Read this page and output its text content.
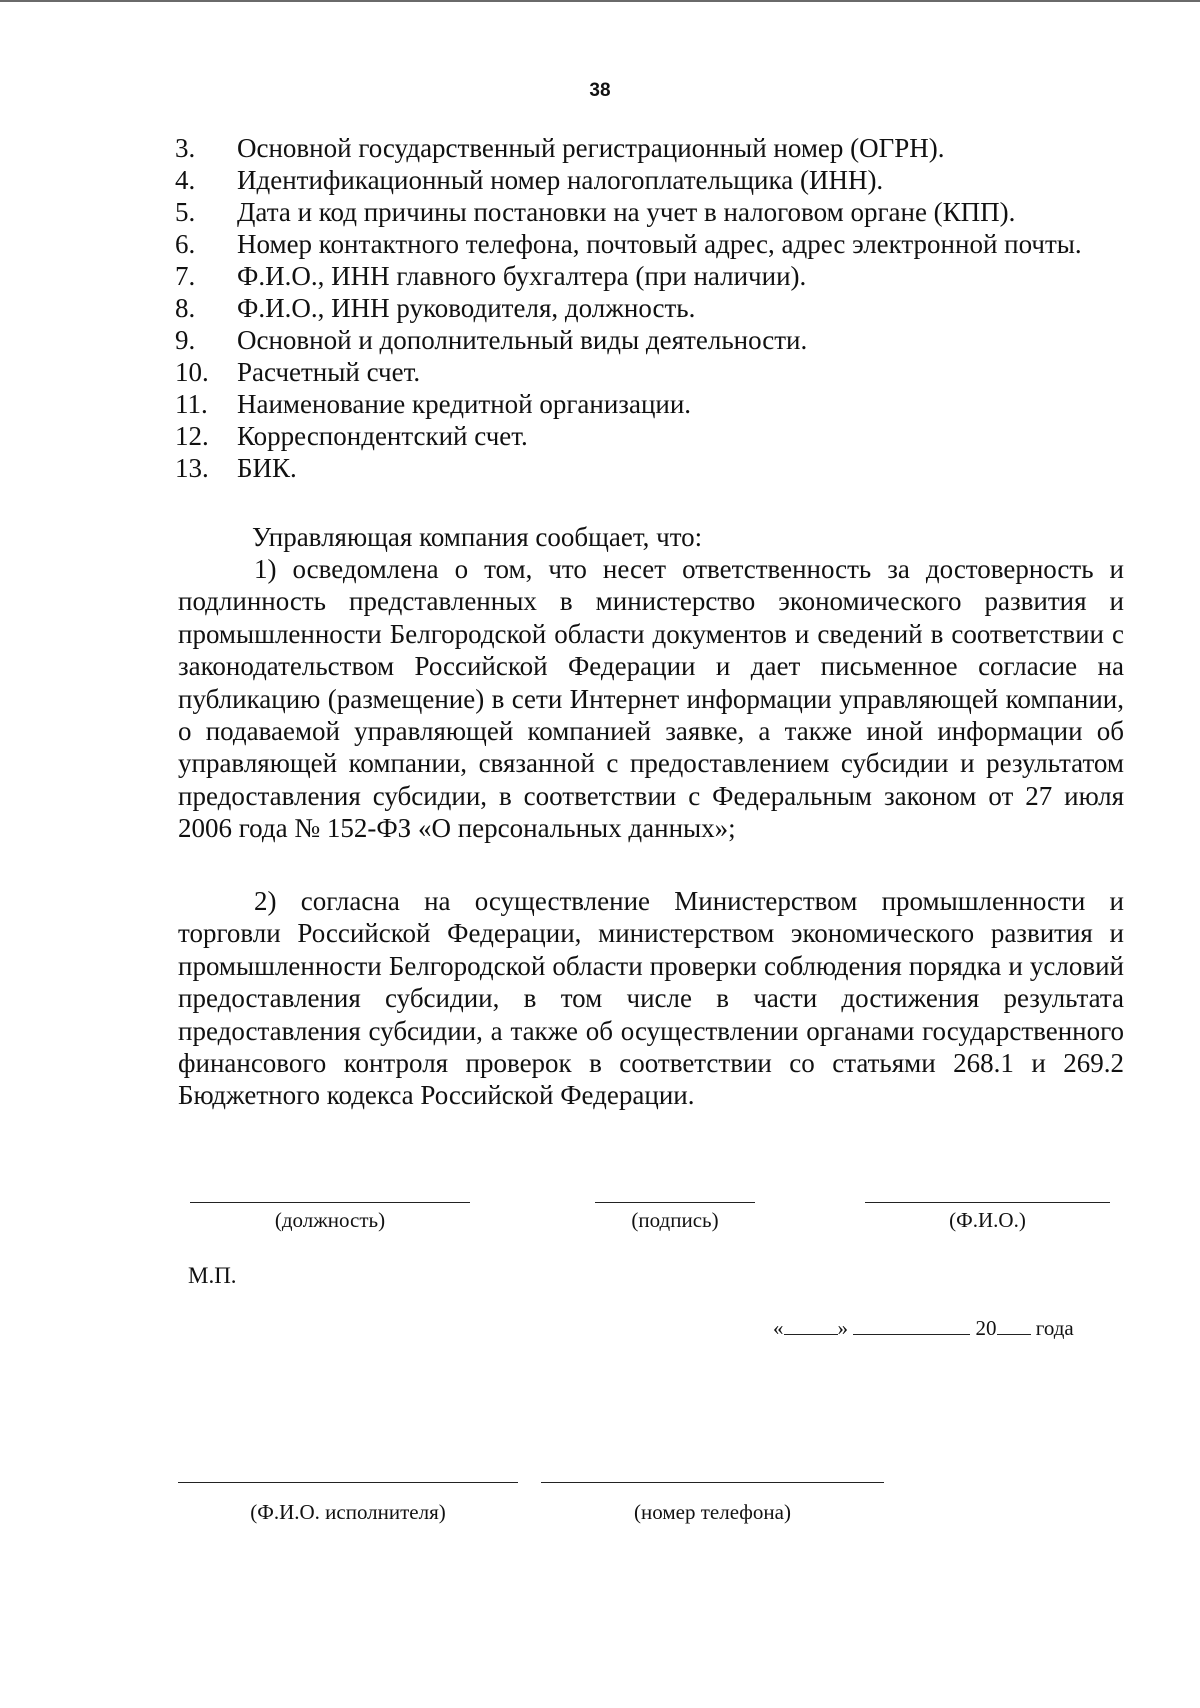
38
3.	Основной государственный регистрационный номер (ОГРН).
4.	Идентификационный номер налогоплательщика (ИНН).
5.	Дата и код причины постановки на учет в налоговом органе (КПП).
6.	Номер контактного телефона, почтовый адрес, адрес электронной почты.
7.	Ф.И.О., ИНН главного бухгалтера (при наличии).
8.	Ф.И.О., ИНН руководителя, должность.
9.	Основной и дополнительный виды деятельности.
10.	Расчетный счет.
11.	Наименование кредитной организации.
12.	Корреспондентский счет.
13.	БИК.
Управляющая компания сообщает, что:
1) осведомлена о том, что несет ответственность за достоверность и подлинность представленных в министерство экономического развития и промышленности Белгородской области документов и сведений в соответствии с законодательством Российской Федерации и дает письменное согласие на публикацию (размещение) в сети Интернет информации управляющей компании, о подаваемой управляющей компанией заявке, а также иной информации об управляющей компании, связанной с предоставлением субсидии и результатом предоставления субсидии, в соответствии с Федеральным законом от 27 июля 2006 года № 152-ФЗ «О персональных данных»;
2) согласна на осуществление Министерством промышленности и торговли Российской Федерации, министерством экономического развития и промышленности Белгородской области проверки соблюдения порядка и условий предоставления субсидии, в том числе в части достижения результата предоставления субсидии, а также об осуществлении органами государственного финансового контроля проверок в соответствии со статьями 268.1 и 269.2 Бюджетного кодекса Российской Федерации.
(должность)	(подпись)	(Ф.И.О.)
М.П.
«	»	20 года
(Ф.И.О. исполнителя)	(номер телефона)
